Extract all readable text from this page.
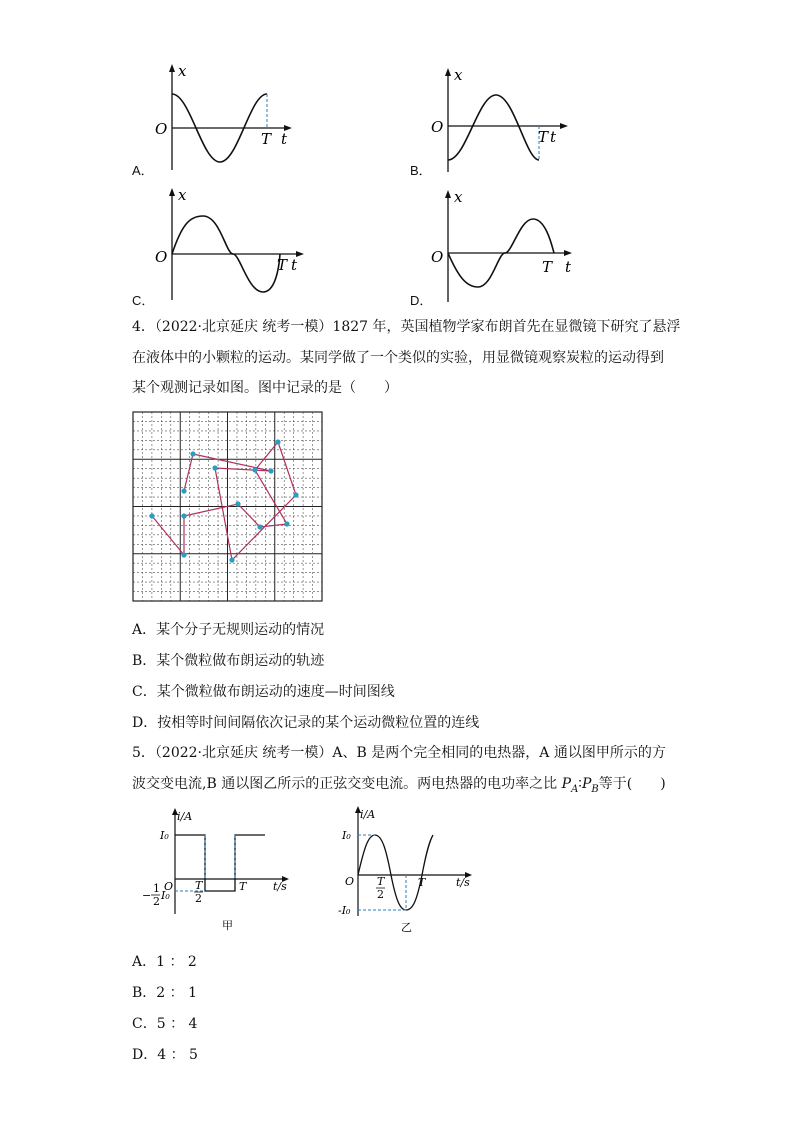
x
O
T t
A．
x
O
T t
B．
x
O	T t
C．
x
O
T t
D．
4．（2022·北京延庆 统考一模）1827 年，英国植物学家布朗首先在显微镜下研究了悬浮
在液体中的小颗粒的运动。某同学做了一个类似的实验，用显微镜观察炭粒的运动得到
某个观测记录如图。图中记录的是（　　）
A．某个分子无规则运动的情况
B．某个微粒做布朗运动的轨迹
C．某个微粒做布朗运动的速度—时间图线
D．按相等时间间隔依次记录的某个运动微粒位置的连线
5．（2022·北京延庆 统考一模）A、B 是两个完全相同的电热器，A 通以图甲所示的方
波交变电流,B 通以图乙所示的正弦交变电流。两电热器的电功率之比 $P_A∶P_B$等于(　　)
i/A
I₀
O T
2
T t/s
−
1
2 I₀
甲
i/A
I₀
O T
2
T	t/s
-I₀
乙
A．1 ： 2
B．2 ： 1
C．5 ： 4
D．4 ： 5
